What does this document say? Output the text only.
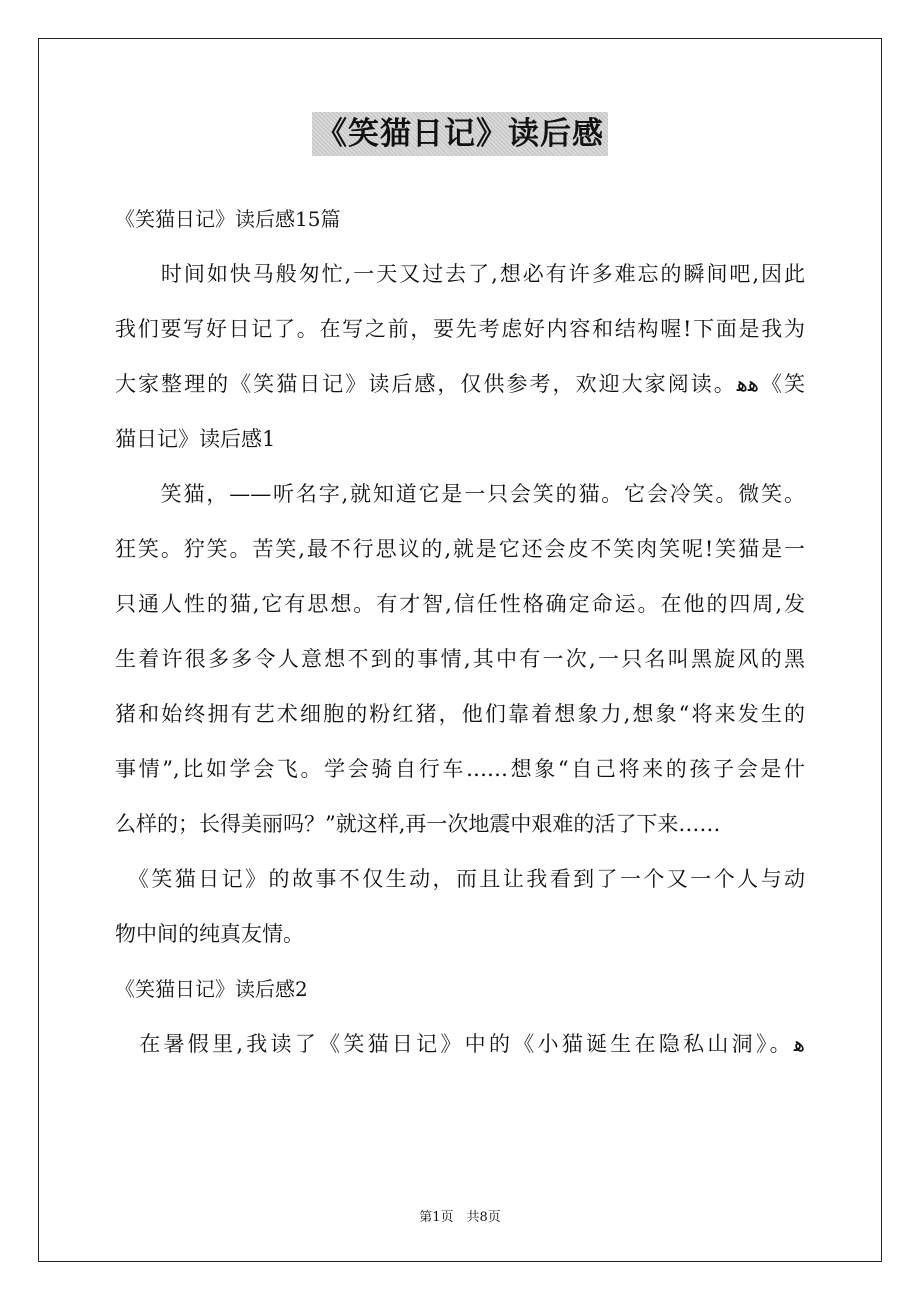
《笑猫日记》读后感
《笑猫日记》读后感15篇
　　时间如快马般匆忙,一天又过去了,想必有许多难忘的瞬间吧,因此
我们要写好日记了。在写之前，要先考虑好内容和结构喔!下面是我为
大家整理的《笑猫日记》读后感，仅供参考，欢迎大家阅读。ﻫﻫ《笑
猫日记》读后感1
　　笑猫，——听名字,就知道它是一只会笑的猫。它会冷笑。微笑。
狂笑。狞笑。苦笑,最不行思议的,就是它还会皮不笑肉笑呢!笑猫是一
只通人性的猫,它有思想。有才智,信任性格确定命运。在他的四周,发
生着许很多多令人意想不到的事情,其中有一次,一只名叫黑旋风的黑
猪和始终拥有艺术细胞的粉红猪，他们靠着想象力,想象“将来发生的
事情”,比如学会飞。学会骑自行车……想象“自己将来的孩子会是什
么样的；长得美丽吗？”就这样,再一次地震中艰难的活了下来……
　《笑猫日记》的故事不仅生动，而且让我看到了一个又一个人与动
物中间的纯真友情。
《笑猫日记》读后感2
　在暑假里,我读了《笑猫日记》中的《小猫诞生在隐私山洞》。ﻫ
第1页　共8页
